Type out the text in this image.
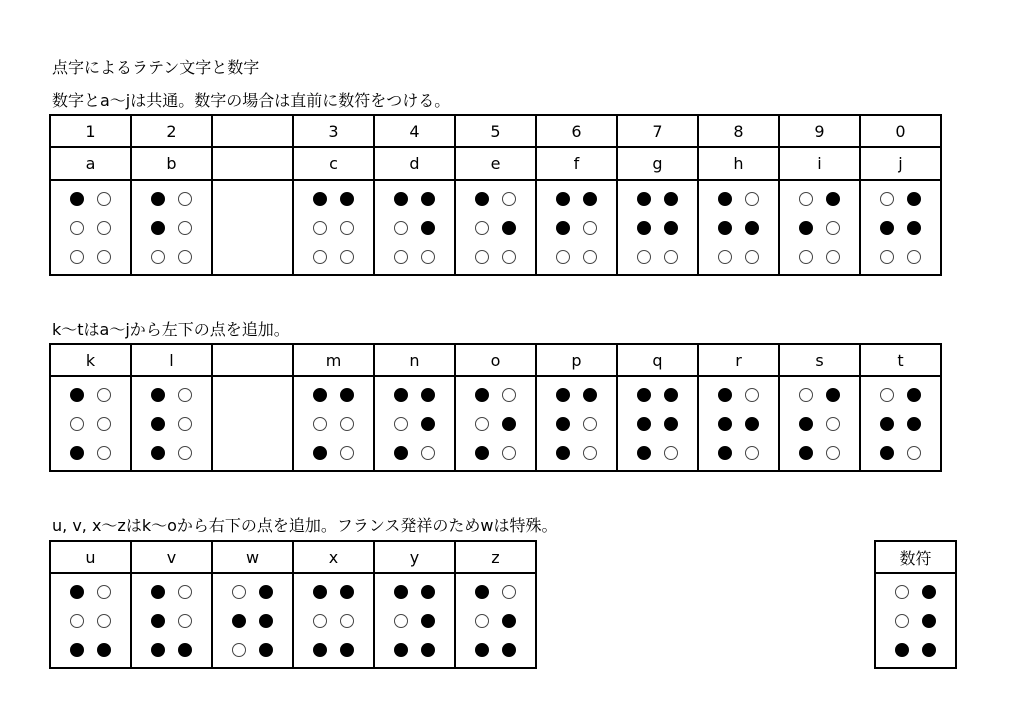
点字によるラテン文字と数字
数字とa〜jは共通。数字の場合は直前に数符をつける。
k〜tはa〜jから左下の点を追加。
u, v, x〜zはk〜oから右下の点を追加。フランス発祥のためwは特殊。
1	2		3	4	5	6	7	8	9	0
a	b		c	d	e	f	g	h	i	j

k	l		m	n	o	p	q	r	s	t

u	v	w	x	y	z

		数符
